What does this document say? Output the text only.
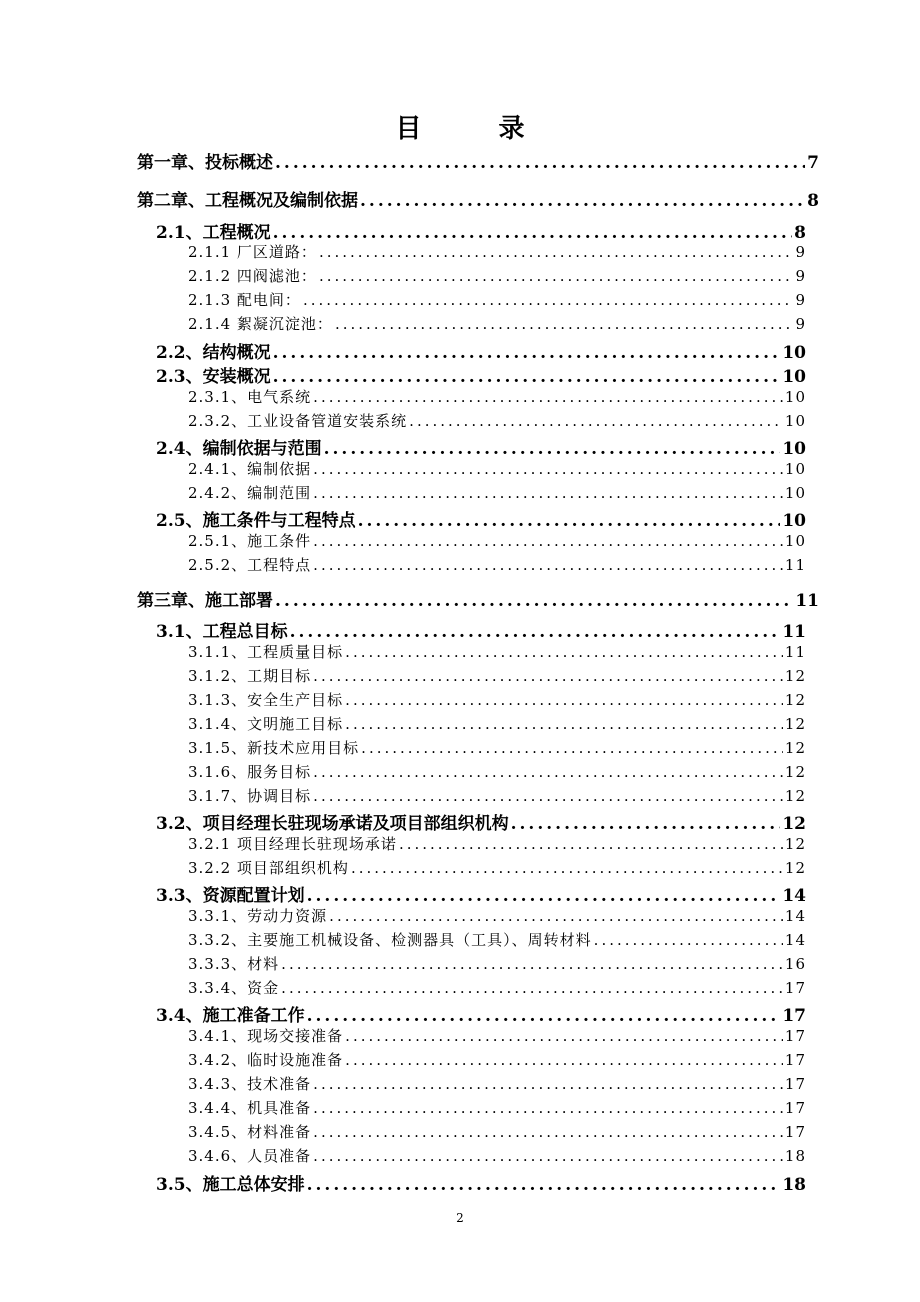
目 录
第一章、投标概述 .....	7
第二章、工程概况及编制依据 .....	8
2.1、工程概况 .....	8
2.1.1 厂区道路： .....	9
2.1.2 四阀滤池： .....	9
2.1.3 配电间： .....	9
2.1.4 絮凝沉淀池： .....	9
2.2、结构概况 .....	10
2.3、安装概况 .....	10
2.3.1、电气系统 .....	10
2.3.2、工业设备管道安装系统 .....	10
2.4、编制依据与范围 .....	10
2.4.1、编制依据 .....	10
2.4.2、编制范围 .....	10
2.5、施工条件与工程特点 .....	10
2.5.1、施工条件 .....	10
2.5.2、工程特点 .....	11
第三章、施工部署 .....	11
3.1、工程总目标 .....	11
3.1.1、工程质量目标 .....	11
3.1.2、工期目标 .....	12
3.1.3、安全生产目标 .....	12
3.1.4、文明施工目标 .....	12
3.1.5、新技术应用目标 .....	12
3.1.6、服务目标 .....	12
3.1.7、协调目标 .....	12
3.2、项目经理长驻现场承诺及项目部组织机构 .....	12
3.2.1 项目经理长驻现场承诺 .....	12
3.2.2 项目部组织机构 .....	12
3.3、资源配置计划 .....	14
3.3.1、劳动力资源 .....	14
3.3.2、主要施工机械设备、检测器具（工具）、周转材料 .....	14
3.3.3、材料 .....	16
3.3.4、资金 .....	17
3.4、施工准备工作 .....	17
3.4.1、现场交接准备 .....	17
3.4.2、临时设施准备 .....	17
3.4.3、技术准备 .....	17
3.4.4、机具准备 .....	17
3.4.5、材料准备 .....	17
3.4.6、人员准备 .....	18
3.5、施工总体安排 .....	18
2
